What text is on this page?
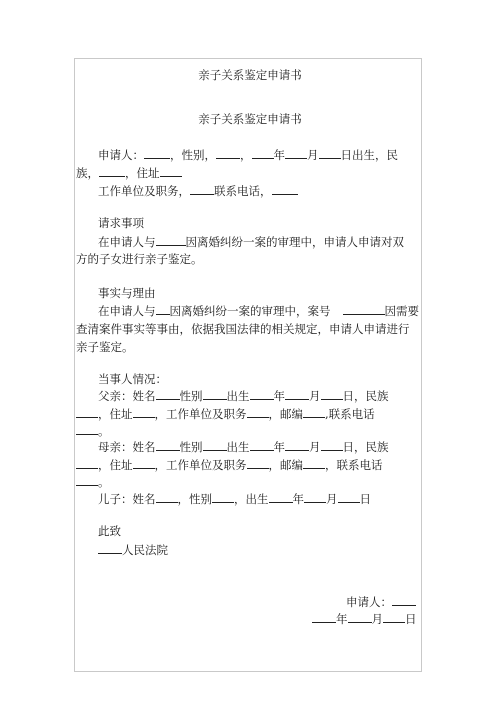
亲子关系鉴定申请书
亲子关系鉴定申请书
申请人： ，性别， ， 年 月 日出生，民
族， ，住址
工作单位及职务， 联系电话，
请求事项
在申请人与	因离婚纠纷一案的审理中，申请人申请对双
方的子女进行亲子鉴定。
事实与理由
在申请人与 因离婚纠纷一案的审理中，案号	因需要
查清案件事实等事由，依据我国法律的相关规定，申请人申请进行
亲子鉴定。
当事人情况：
父亲：姓名 性别 出生 年 月 日，民族
，住址 ，工作单位及职务 ，邮编 ,联系电话
。
母亲：姓名 性别 出生 年 月 日，民族
，住址 ，工作单位及职务 ，邮编 ，联系电话
。
儿子：姓名 ，性别 ，出生 年 月 日
此致
人民法院
申请人：
年 月 日
